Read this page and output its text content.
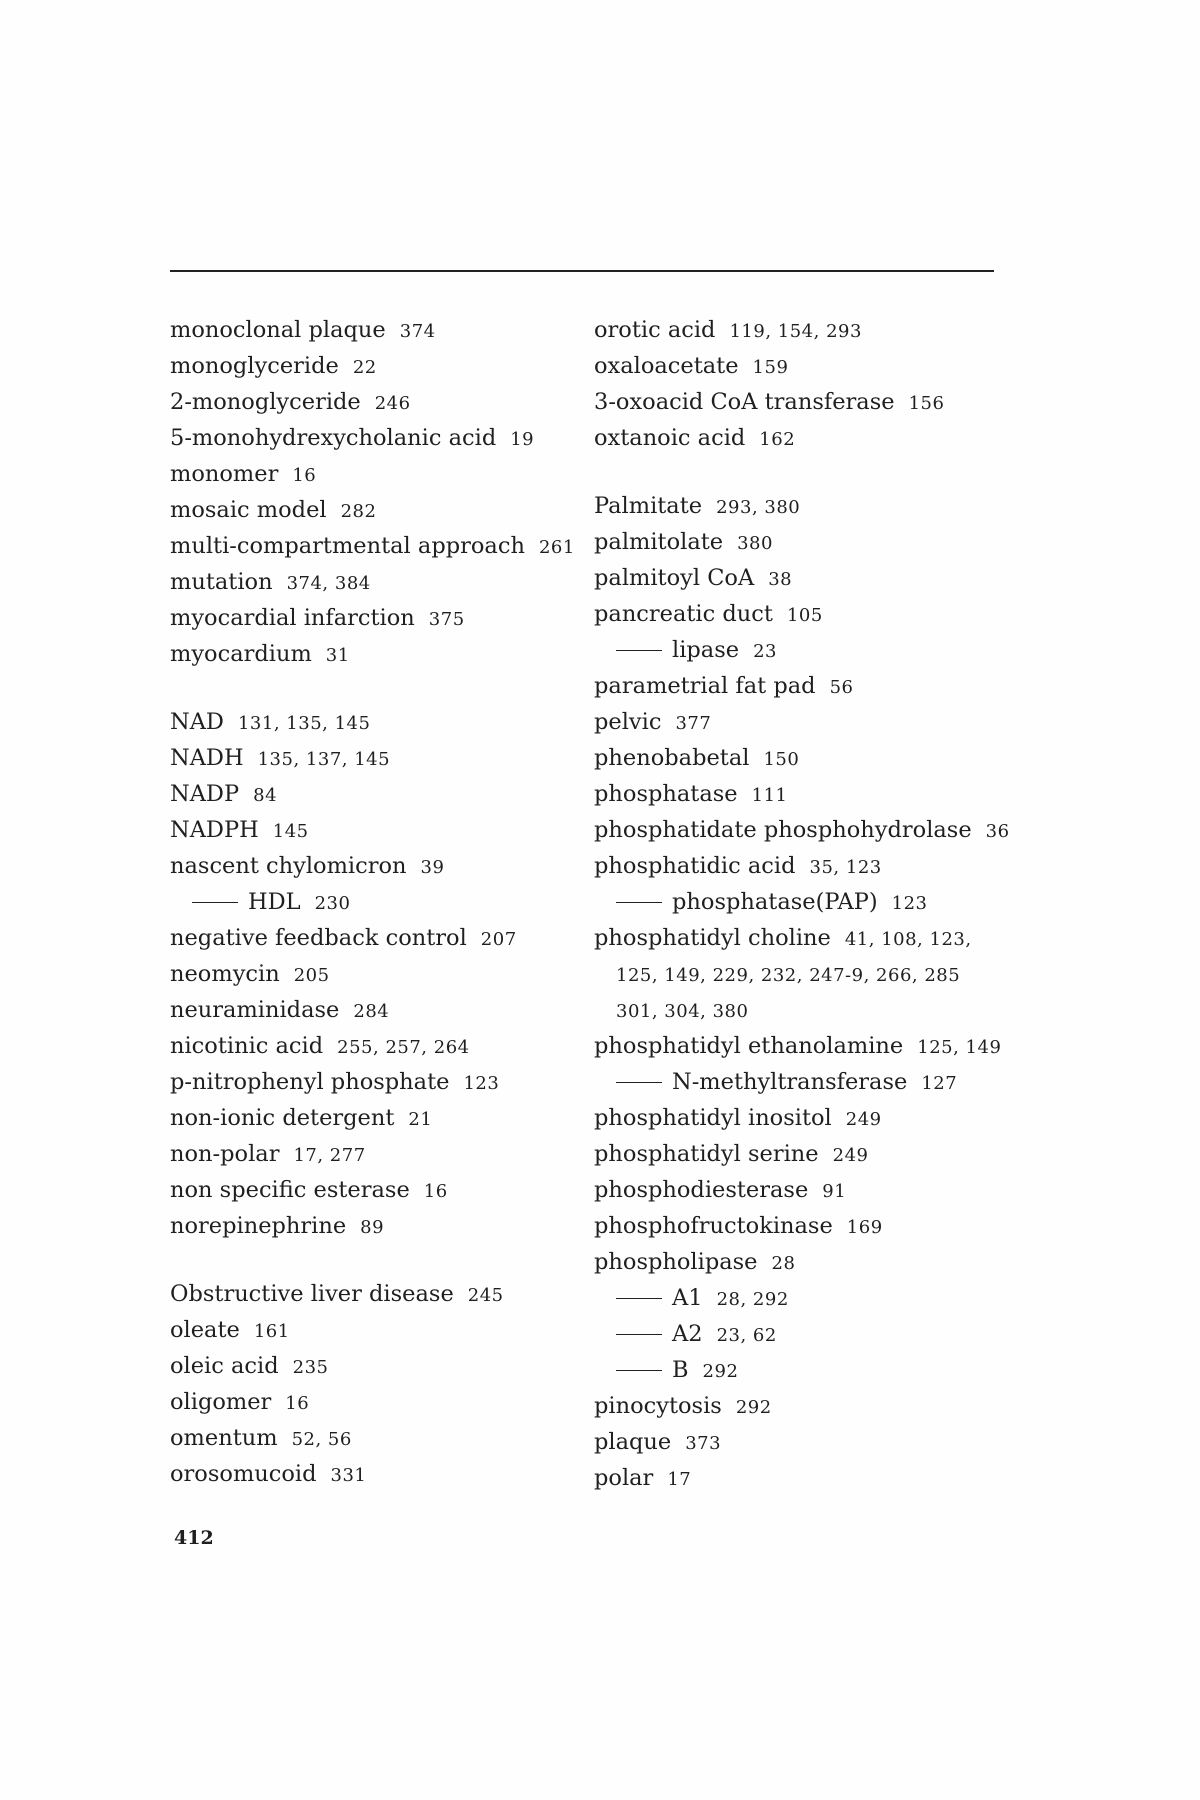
monoclonal plaque 374
monoglyceride 22
2-monoglyceride 246
5-monohydrexycholanic acid 19
monomer 16
mosaic model 282
multi-compartmental approach 261
mutation 374, 384
myocardial infarction 375
myocardium 31
NAD 131, 135, 145
NADH 135, 137, 145
NADP 84
NADPH 145
nascent chylomicron 39
HDL 230
negative feedback control 207
neomycin 205
neuraminidase 284
nicotinic acid 255, 257, 264
p-nitrophenyl phosphate 123
non-ionic detergent 21
non-polar 17, 277
non specific esterase 16
norepinephrine 89
Obstructive liver disease 245
oleate 161
oleic acid 235
oligomer 16
omentum 52, 56
orosomucoid 331
orotic acid 119, 154, 293
oxaloacetate 159
3-oxoacid CoA transferase 156
oxtanoic acid 162
Palmitate 293, 380
palmitolate 380
palmitoyl CoA 38
pancreatic duct 105
lipase 23
parametrial fat pad 56
pelvic 377
phenobabetal 150
phosphatase 111
phosphatidate phosphohydrolase 36
phosphatidic acid 35, 123
phosphatase(PAP) 123
phosphatidyl choline 41, 108, 123,
125, 149, 229, 232, 247-9, 266, 285
301, 304, 380
phosphatidyl ethanolamine 125, 149
N-methyltransferase 127
phosphatidyl inositol 249
phosphatidyl serine 249
phosphodiesterase 91
phosphofructokinase 169
phospholipase 28
A1 28, 292
A2 23, 62
B 292
pinocytosis 292
plaque 373
polar 17
412
